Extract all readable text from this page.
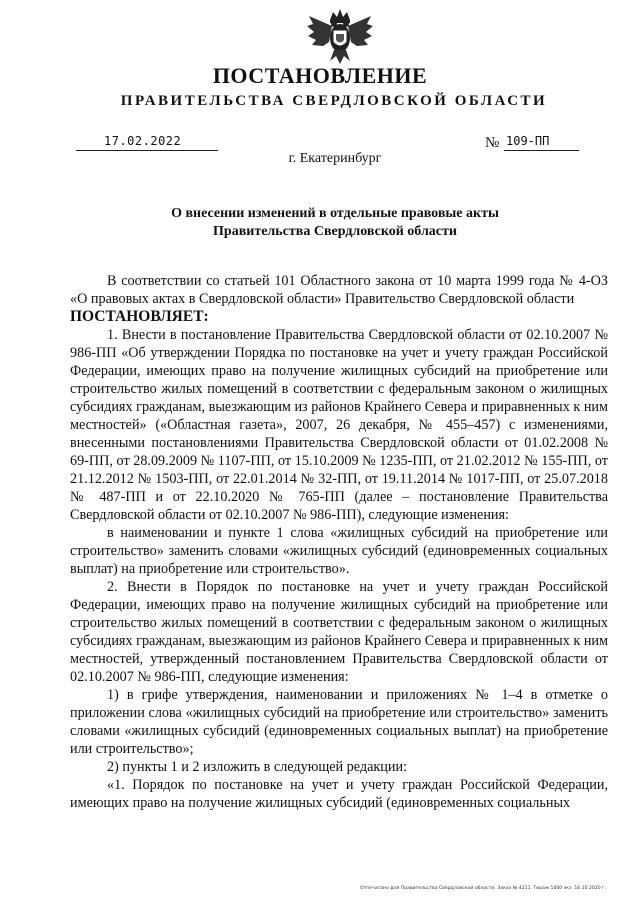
ПОСТАНОВЛЕНИЕ
ПРАВИТЕЛЬСТВА СВЕРДЛОВСКОЙ ОБЛАСТИ
17.02.2022	№ 109-ПП
г. Екатеринбург
О внесении изменений в отдельные правовые акты
Правительства Свердловской области

В соответствии со статьей 101 Областного закона от 10 марта 1999 года № 4-ОЗ «О правовых актах в Свердловской области» Правительство Свердловской области

ПОСТАНОВЛЯЕТ:

1. Внести в постановление Правительства Свердловской области от 02.10.2007 № 986-ПП «Об утверждении Порядка по постановке на учет и учету граждан Российской Федерации, имеющих право на получение жилищных субсидий на приобретение или строительство жилых помещений в соответствии с федеральным законом о жилищных субсидиях гражданам, выезжающим из районов Крайнего Севера и приравненных к ним местностей» («Областная газета», 2007, 26 декабря, № 455–457) с изменениями, внесенными постановлениями Правительства Свердловской области от 01.02.2008 № 69-ПП, от 28.09.2009 № 1107-ПП, от 15.10.2009 № 1235-ПП, от 21.02.2012 № 155-ПП, от 21.12.2012 № 1503-ПП, от 22.01.2014 № 32-ПП, от 19.11.2014 № 1017-ПП, от 25.07.2018 № 487-ПП и от 22.10.2020 № 765-ПП (далее – постановление Правительства Свердловской области от 02.10.2007 № 986-ПП), следующие изменения:

в наименовании и пункте 1 слова «жилищных субсидий на приобретение или строительство» заменить словами «жилищных субсидий (единовременных социальных выплат) на приобретение или строительство».

2. Внести в Порядок по постановке на учет и учету граждан Российской Федерации, имеющих право на получение жилищных субсидий на приобретение или строительство жилых помещений в соответствии с федеральным законом о жилищных субсидиях гражданам, выезжающим из районов Крайнего Севера и приравненных к ним местностей, утвержденный постановлением Правительства Свердловской области от 02.10.2007 № 986-ПП, следующие изменения:

1) в грифе утверждения, наименовании и приложениях № 1–4 в отметке о приложении слова «жилищных субсидий на приобретение или строительство» заменить словами «жилищных субсидий (единовременных социальных выплат) на приобретение или строительство»;

2) пункты 1 и 2 изложить в следующей редакции:

«1. Порядок по постановке на учет и учету граждан Российской Федерации, имеющих право на получение жилищных субсидий (единовременных социальных

Отпечатано для Правительства Свердловской области. Заказ № 4211. Тираж 1000 экз. 16.10.2020 г.
